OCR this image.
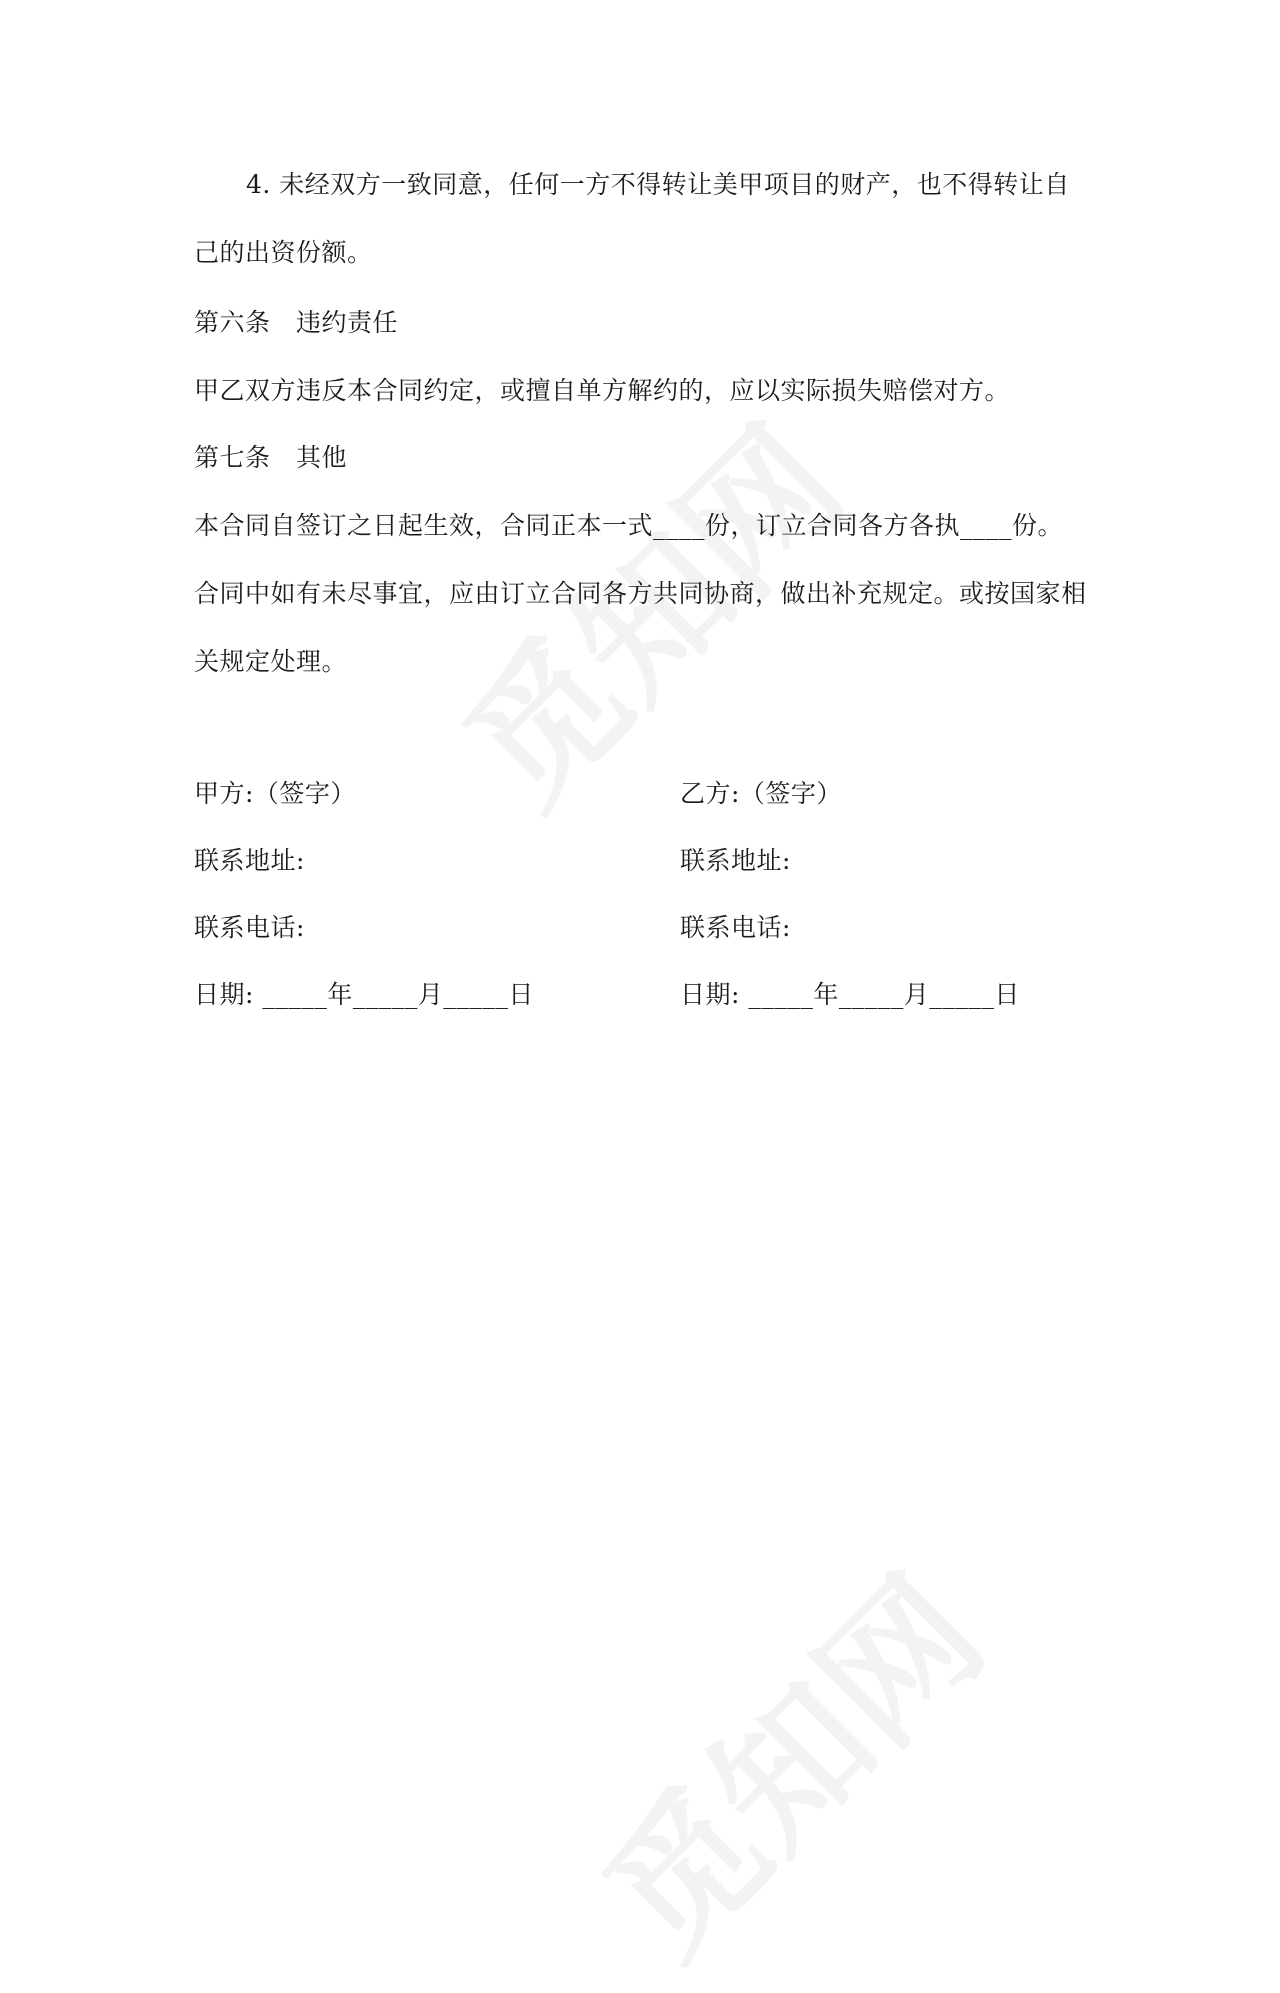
4. 未经双方一致同意，任何一方不得转让美甲项目的财产，也不得转让自
己的出资份额。
第六条　违约责任
甲乙双方违反本合同约定，或擅自单方解约的，应以实际损失赔偿对方。
第七条　其他
本合同自签订之日起生效，合同正本一式____份，订立合同各方各执____份。
合同中如有未尽事宜，应由订立合同各方共同协商，做出补充规定。或按国家相
关规定处理。
甲方:（签字）	乙方:（签字）
联系地址:	联系地址:
联系电话:	联系电话:
日期: _____年_____月_____日	日期: _____年_____月_____日
